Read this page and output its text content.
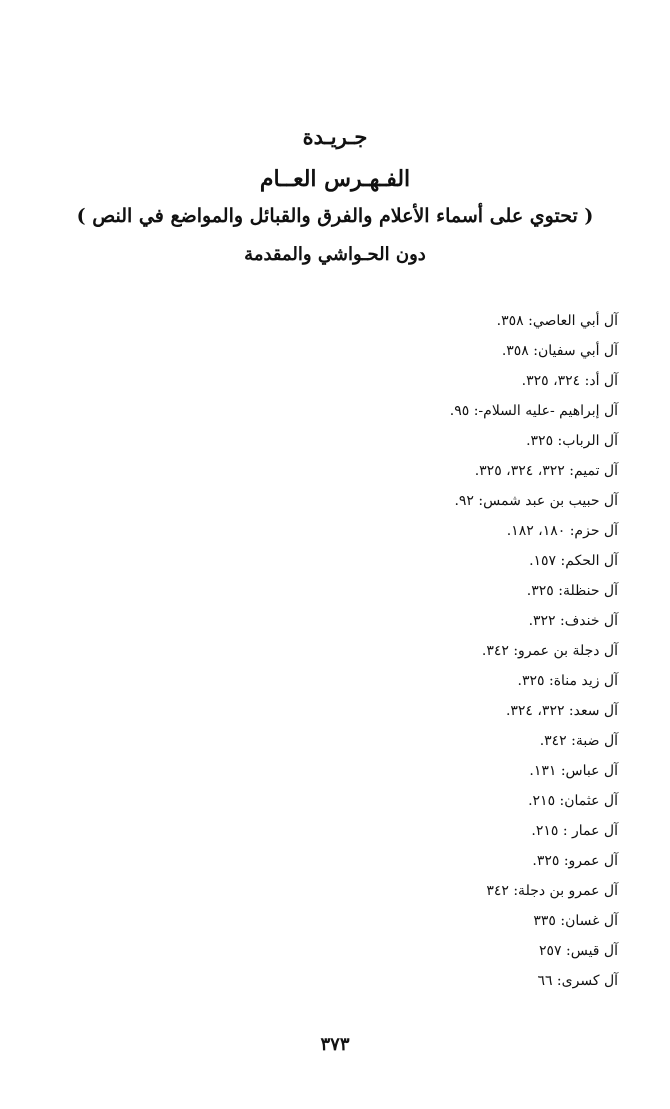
جـريـدة
الفـهـرس العــام
( تحتوي على أسماء الأعلام والفرق والقبائل والمواضع في النص )
دون الحـواشي والمقدمة
آل أبي العاصي: ٣٥٨.
آل أبي سفيان: ٣٥٨.
آل أد: ٣٢٤، ٣٢٥.
آل إبراهيم -عليه السلام-: ٩٥.
آل الرباب: ٣٢٥.
آل تميم: ٣٢٢، ٣٢٤، ٣٢٥.
آل حبيب بن عبد شمس: ٩٢.
آل حزم: ١٨٠، ١٨٢.
آل الحكم: ١٥٧.
آل حنظلة: ٣٢٥.
آل خندف: ٣٢٢.
آل دجلة بن عمرو: ٣٤٢.
آل زيد مناة: ٣٢٥.
آل سعد: ٣٢٢، ٣٢٤.
آل ضبة: ٣٤٢.
آل عباس: ١٣١.
آل عثمان: ٢١٥.
آل عمار : ٢١٥.
آل عمرو: ٣٢٥.
آل عمرو بن دجلة: ٣٤٢
آل غسان: ٣٣٥
آل قيس: ٢٥٧
آل كسرى: ٦٦
٣٧٣
